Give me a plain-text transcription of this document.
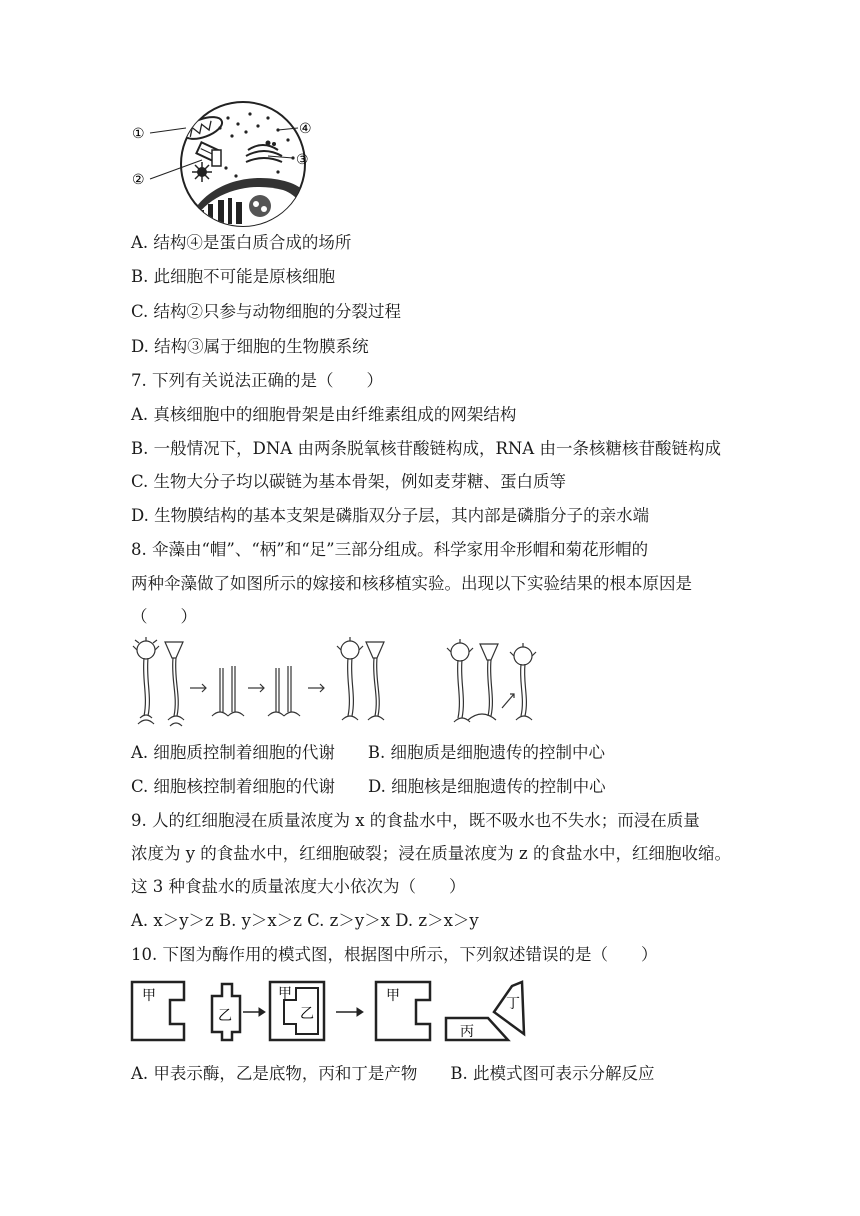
①
②
③
④
A. 结构④是蛋白质合成的场所
B. 此细胞不可能是原核细胞
C. 结构②只参与动物细胞的分裂过程
D. 结构③属于细胞的生物膜系统
7. 下列有关说法正确的是（　　）
A. 真核细胞中的细胞骨架是由纤维素组成的网架结构
B. 一般情况下，DNA 由两条脱氧核苷酸链构成，RNA 由一条核糖核苷酸链构成
C. 生物大分子均以碳链为基本骨架，例如麦芽糖、蛋白质等
D. 生物膜结构的基本支架是磷脂双分子层，其内部是磷脂分子的亲水端
8. 伞藻由“帽”、“柄”和“足”三部分组成。科学家用伞形帽和菊花形帽的
两种伞藻做了如图所示的嫁接和核移植实验。出现以下实验结果的根本原因是
（　　）
A. 细胞质控制着细胞的代谢　　B. 细胞质是细胞遗传的控制中心
C. 细胞核控制着细胞的代谢　　D. 细胞核是细胞遗传的控制中心
9. 人的红细胞浸在质量浓度为 x 的食盐水中，既不吸水也不失水；而浸在质量
浓度为 y 的食盐水中，红细胞破裂；浸在质量浓度为 z 的食盐水中，红细胞收缩。
这 3 种食盐水的质量浓度大小依次为（　　）
A. x＞y＞z B. y＞x＞z C. z＞y＞x D. z＞x＞y
10. 下图为酶作用的模式图，根据图中所示，下列叙述错误的是（　　）
甲
乙
甲
乙
甲
丙
丁
A. 甲表示酶，乙是底物，丙和丁是产物　　B. 此模式图可表示分解反应
